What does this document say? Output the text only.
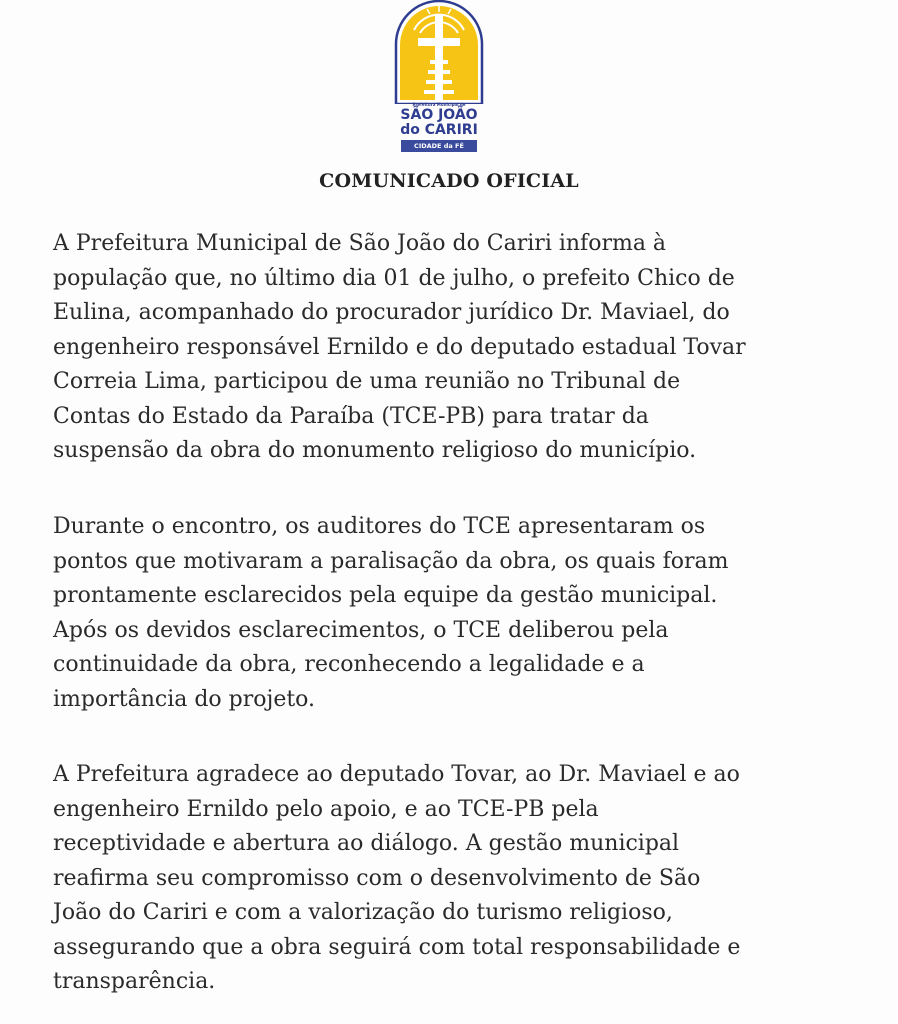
Prefeitura Municipal de
SÃO JOÃO
do CARIRI
CIDADE da FÉ
COMUNICADO OFICIAL
A Prefeitura Municipal de São João do Cariri informa à
população que, no último dia 01 de julho, o prefeito Chico de
Eulina, acompanhado do procurador jurídico Dr. Maviael, do
engenheiro responsável Ernildo e do deputado estadual Tovar
Correia Lima, participou de uma reunião no Tribunal de
Contas do Estado da Paraíba (TCE-PB) para tratar da
suspensão da obra do monumento religioso do município.
Durante o encontro, os auditores do TCE apresentaram os
pontos que motivaram a paralisação da obra, os quais foram
prontamente esclarecidos pela equipe da gestão municipal.
Após os devidos esclarecimentos, o TCE deliberou pela
continuidade da obra, reconhecendo a legalidade e a
importância do projeto.
A Prefeitura agradece ao deputado Tovar, ao Dr. Maviael e ao
engenheiro Ernildo pelo apoio, e ao TCE-PB pela
receptividade e abertura ao diálogo. A gestão municipal
reafirma seu compromisso com o desenvolvimento de São
João do Cariri e com a valorização do turismo religioso,
assegurando que a obra seguirá com total responsabilidade e
transparência.
